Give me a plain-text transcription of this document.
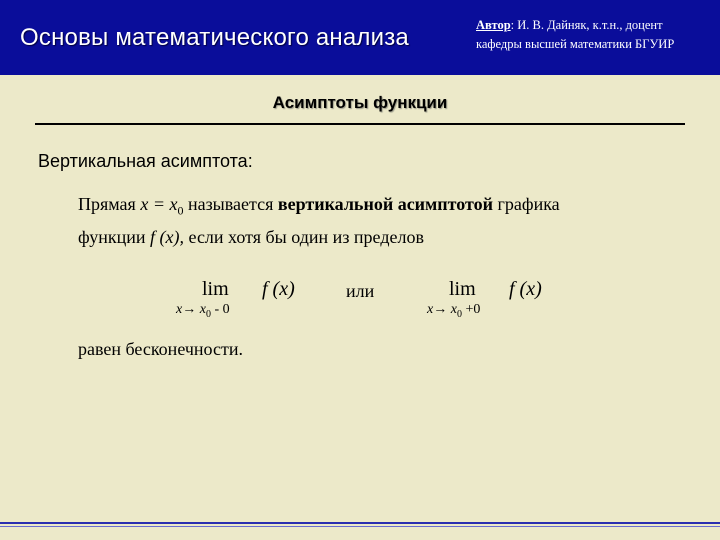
Основы математического анализа	Автор: И. В. Дайняк, к.т.н., доцент
кафедры высшей математики БГУИР
Асимптоты функции
Вертикальная асимптота:
Прямая $x = x_0$ называется вертикальной асимптотой графика
функции f (x), если хотя бы один из пределов
lim f (x)
$x\to x_0 - 0$
или	lim f (x)
$x\to x_0 +0$
равен бесконечности.
